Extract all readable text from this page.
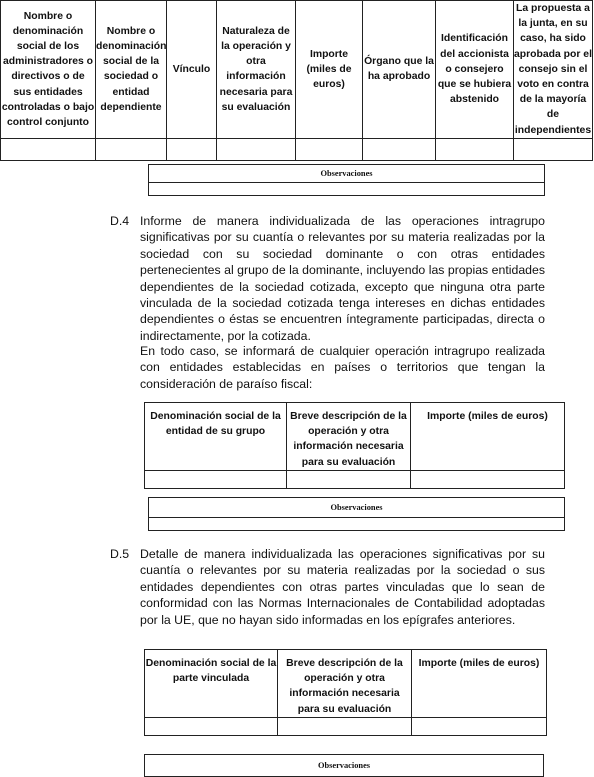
Nombre o denominación social de los administradores o directivos o de sus entidades controladas o bajo control conjunto	Nombre o denominación social de la sociedad o entidad dependiente	Vínculo	Naturaleza de la operación y otra información necesaria para su evaluación	Importe (miles de euros)	Órgano que la ha aprobado	Identificación del accionista o consejero que se hubiera abstenido	La propuesta a la junta, en su caso, ha sido aprobada por el consejo sin el voto en contra de la mayoría de independientes

Observaciones

D.4 Informe de manera individualizada de las operaciones intragrupo significativas por su cuantía o relevantes por su materia realizadas por la sociedad con su sociedad dominante o con otras entidades pertenecientes al grupo de la dominante, incluyendo las propias entidades dependientes de la sociedad cotizada, excepto que ninguna otra parte vinculada de la sociedad cotizada tenga intereses en dichas entidades dependientes o éstas se encuentren íntegramente participadas, directa o indirectamente, por la cotizada.
En todo caso, se informará de cualquier operación intragrupo realizada con entidades establecidas en países o territorios que tengan la consideración de paraíso fiscal:
Denominación social de la entidad de su grupo	Breve descripción de la operación y otra información necesaria para su evaluación	Importe (miles de euros)

Observaciones

D.5 Detalle de manera individualizada las operaciones significativas por su cuantía o relevantes por su materia realizadas por la sociedad o sus entidades dependientes con otras partes vinculadas que lo sean de conformidad con las Normas Internacionales de Contabilidad adoptadas por la UE, que no hayan sido informadas en los epígrafes anteriores.
Denominación social de la parte vinculada	Breve descripción de la operación y otra información necesaria para su evaluación	Importe (miles de euros)

Observaciones
